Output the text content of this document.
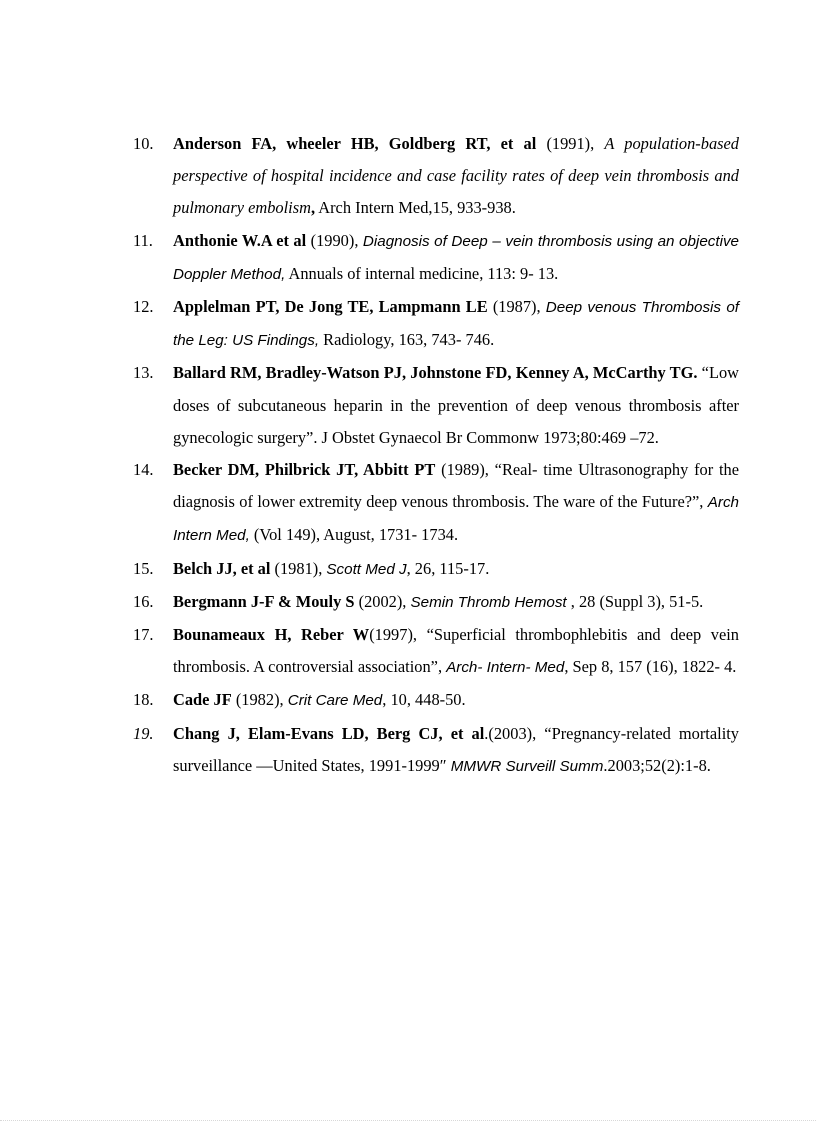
10.	Anderson FA, wheeler HB, Goldberg RT, et al (1991), A population-based perspective of hospital incidence and case facility rates of deep vein thrombosis and pulmonary embolism, Arch Intern Med,15, 933-938.
11.	Anthonie W.A et al (1990), Diagnosis of Deep – vein thrombosis using an objective Doppler Method, Annuals of internal medicine, 113: 9- 13.
12.	Applelman PT, De Jong TE, Lampmann LE (1987), Deep venous Thrombosis of the Leg: US Findings, Radiology, 163, 743- 746.
13.	Ballard RM, Bradley-Watson PJ, Johnstone FD, Kenney A, McCarthy TG. “Low doses of subcutaneous heparin in the prevention of deep venous thrombosis after gynecologic surgery”. J Obstet Gynaecol Br Commonw 1973;80:469 –72.
14.	Becker DM, Philbrick JT, Abbitt PT (1989), “Real- time Ultrasonography for the diagnosis of lower extremity deep venous thrombosis. The ware of the Future?”, Arch Intern Med, (Vol 149), August, 1731- 1734.
15.	Belch JJ, et al (1981), Scott Med J, 26, 115-17.
16.	Bergmann J-F & Mouly S (2002), Semin Thromb Hemost , 28 (Suppl 3), 51-5.
17.	Bounameaux H, Reber W(1997), “Superficial thrombophlebitis and deep vein thrombosis. A controversial association”, Arch- Intern- Med, Sep 8, 157 (16), 1822- 4.
18.	Cade JF (1982), Crit Care Med, 10, 448-50.
19.	Chang J, Elam-Evans LD, Berg CJ, et al.(2003), “Pregnancy-related mortality surveillance —United States, 1991-1999″ MMWR Surveill Summ.2003;52(2):1-8.
